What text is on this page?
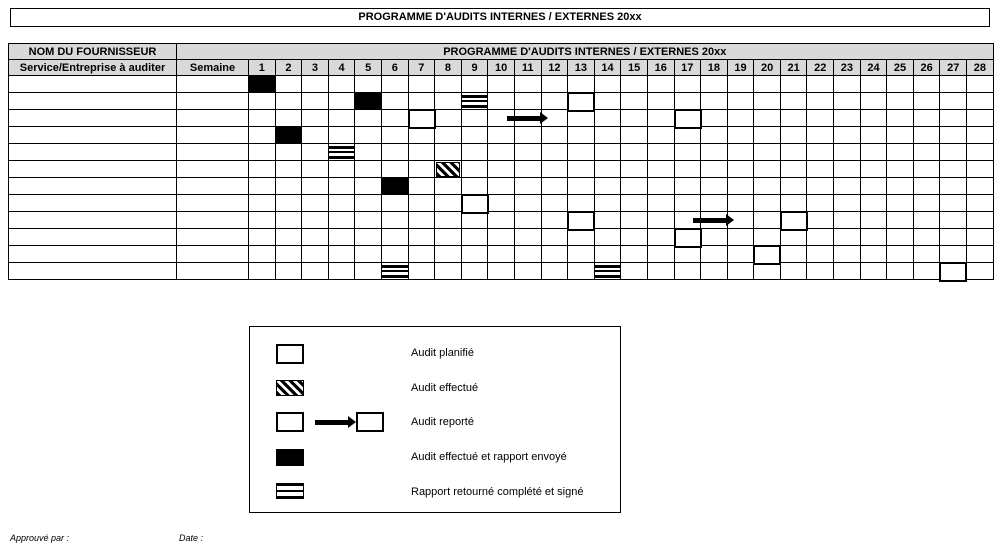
PROGRAMME D'AUDITS INTERNES / EXTERNES 20xx
NOM DU FOURNISSEUR	PROGRAMME D'AUDITS INTERNES / EXTERNES 20xx																												
Service/Entreprise à auditer	Semaine	1	2	3	4	5	6	7	8	9	10	11	12	13	14	15	16	17	18	19	20	21	22	23	24	25	26	27	28

Audit planifié
Audit effectué
Audit reporté
Audit effectué et rapport envoyé
Rapport retourné complété et signé
Approuvé par :	Date :
